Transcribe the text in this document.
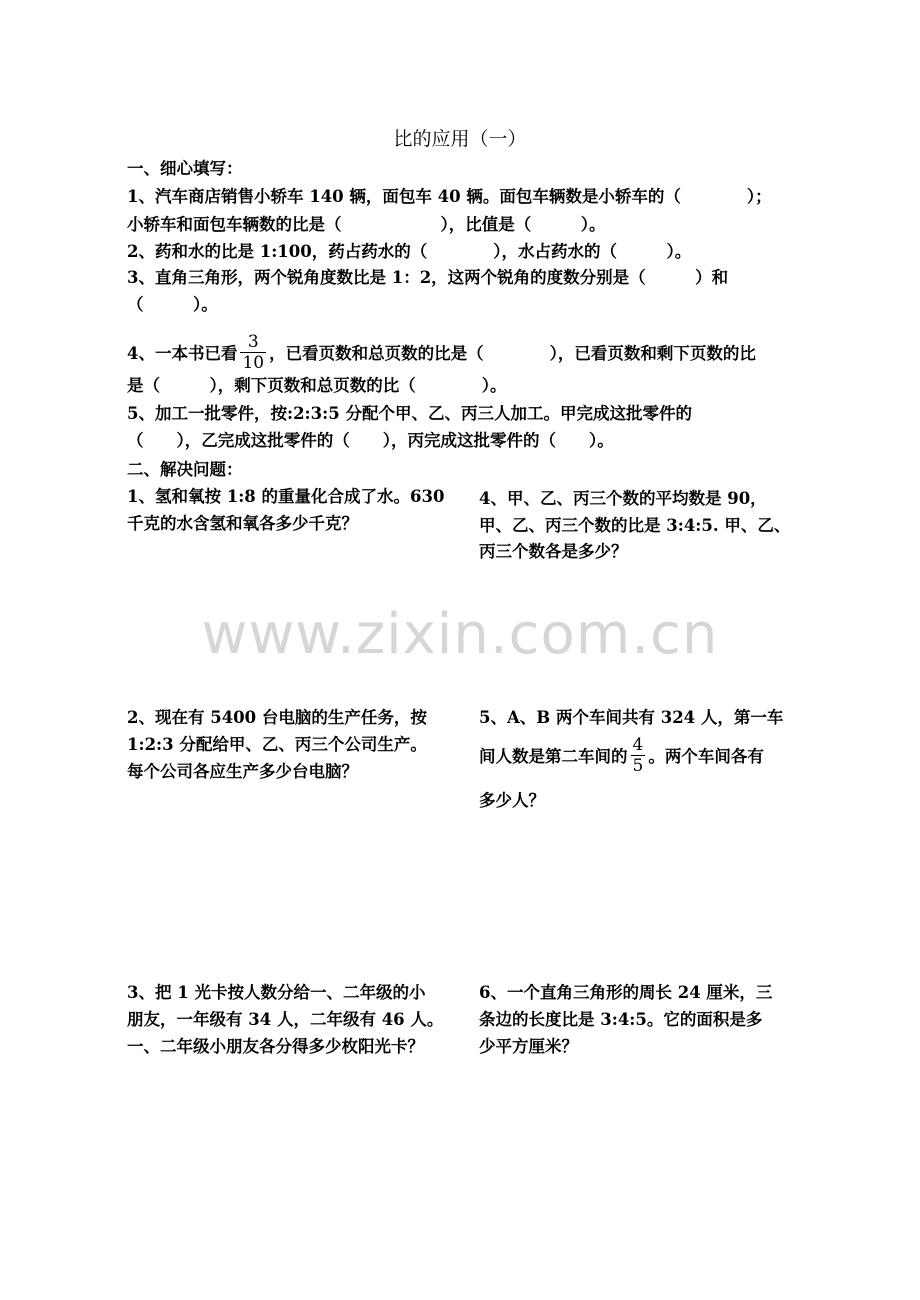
比的应用（一）
一、细心填写：
1、汽车商店销售小轿车 140 辆，面包车 40 辆。面包车辆数是小轿车的（　　　　）；
小轿车和面包车辆数的比是（　　　　　　），比值是（　　　）。
2、药和水的比是 1:100，药占药水的（　　　　），水占药水的（　　　）。
3、直角三角形，两个锐角度数比是 1：2，这两个锐角的度数分别是（　　　）和
（　　　）。
4、一本书已看 $\frac{3}{10}$ ，已看页数和总页数的比是（　　　　），已看页数和剩下页数的比
是（　　　），剩下页数和总页数的比（　　　　）。
5、加工一批零件，按:2:3:5 分配个甲、乙、丙三人加工。甲完成这批零件的
（　　），乙完成这批零件的（　　），丙完成这批零件的（　　）。
二、解决问题：
1、氢和氧按 1:8 的重量化合成了水。630
千克的水含氢和氧各多少千克？
4、甲、乙、丙三个数的平均数是 90，
甲、乙、丙三个数的比是 3:4:5. 甲、乙、
丙三个数各是多少？
2、现在有 5400 台电脑的生产任务，按
1:2:3 分配给甲、乙、丙三个公司生产。
每个公司各应生产多少台电脑？
5、A、B 两个车间共有 324 人，第一车
间人数是第二车间的 $\frac{4}{5}$ 。两个车间各有
多少人？
3、把 1 光卡按人数分给一、二年级的小
朋友，一年级有 34 人，二年级有 46 人。
一、二年级小朋友各分得多少枚阳光卡？
6、一个直角三角形的周长 24 厘米，三
条边的长度比是 3:4:5。它的面积是多
少平方厘米？
www.zixin.com.cn
